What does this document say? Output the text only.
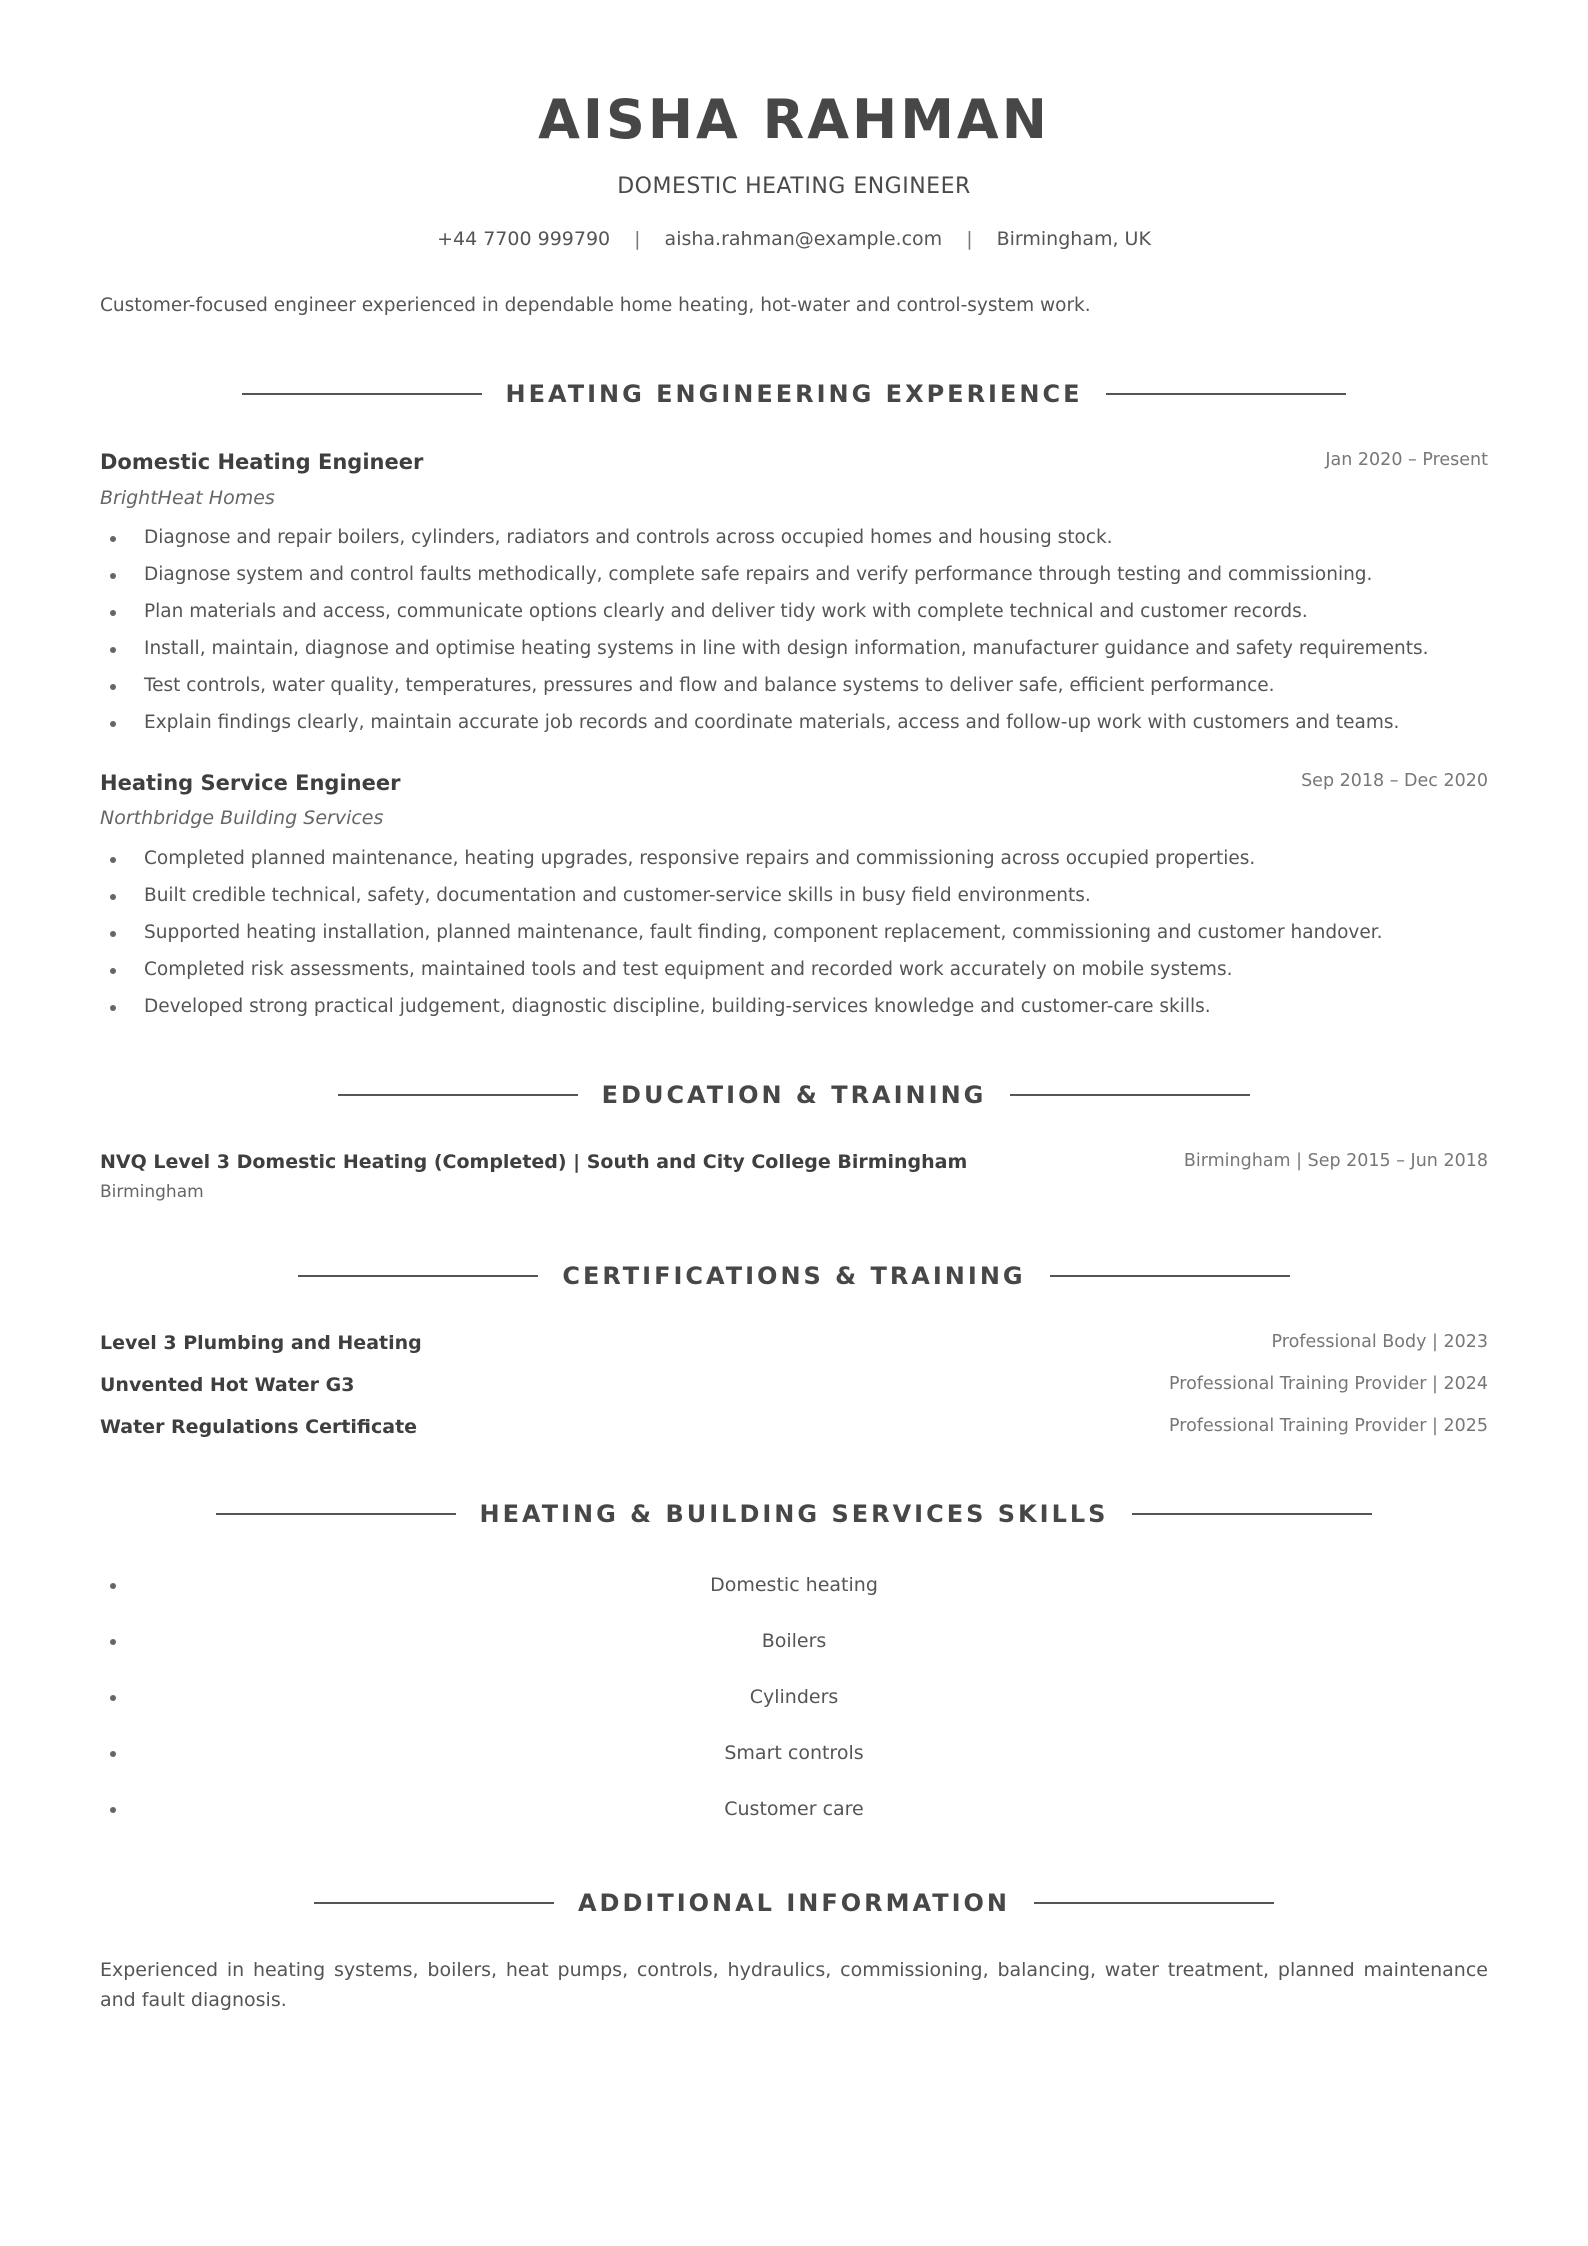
AISHA RAHMAN
DOMESTIC HEATING ENGINEER
+44 7700 999790 | aisha.rahman@example.com | Birmingham, UK
Customer-focused engineer experienced in dependable home heating, hot-water and control-system work.
HEATING ENGINEERING EXPERIENCE
Domestic Heating Engineer	Jan 2020 – Present
BrightHeat Homes
Diagnose and repair boilers, cylinders, radiators and controls across occupied homes and housing stock.
Diagnose system and control faults methodically, complete safe repairs and verify performance through testing and commissioning.
Plan materials and access, communicate options clearly and deliver tidy work with complete technical and customer records.
Install, maintain, diagnose and optimise heating systems in line with design information, manufacturer guidance and safety requirements.
Test controls, water quality, temperatures, pressures and flow and balance systems to deliver safe, efficient performance.
Explain findings clearly, maintain accurate job records and coordinate materials, access and follow-up work with customers and teams.
Heating Service Engineer	Sep 2018 – Dec 2020
Northbridge Building Services
Completed planned maintenance, heating upgrades, responsive repairs and commissioning across occupied properties.
Built credible technical, safety, documentation and customer-service skills in busy field environments.
Supported heating installation, planned maintenance, fault finding, component replacement, commissioning and customer handover.
Completed risk assessments, maintained tools and test equipment and recorded work accurately on mobile systems.
Developed strong practical judgement, diagnostic discipline, building-services knowledge and customer-care skills.
EDUCATION & TRAINING
NVQ Level 3 Domestic Heating (Completed) | South and City College Birmingham	Birmingham | Sep 2015 – Jun 2018
Birmingham
CERTIFICATIONS & TRAINING
Level 3 Plumbing and Heating	Professional Body | 2023
Unvented Hot Water G3	Professional Training Provider | 2024
Water Regulations Certificate	Professional Training Provider | 2025
HEATING & BUILDING SERVICES SKILLS
Domestic heating
Boilers
Cylinders
Smart controls
Customer care
ADDITIONAL INFORMATION
Experienced in heating systems, boilers, heat pumps, controls, hydraulics, commissioning, balancing, water treatment, planned maintenance and fault diagnosis.
